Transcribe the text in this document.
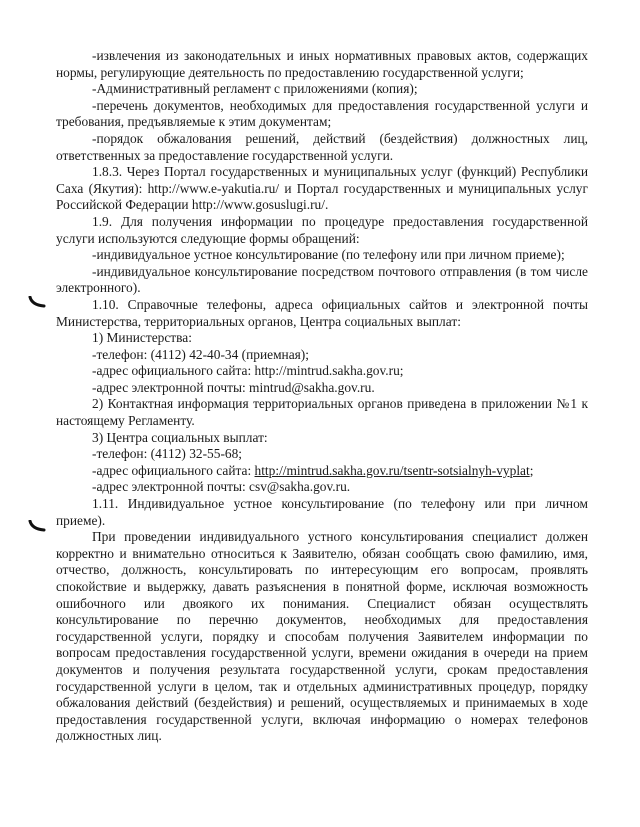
-извлечения из законодательных и иных нормативных правовых актов, содержащих нормы, регулирующие деятельность по предоставлению государственной услуги;

-Административный регламент с приложениями (копия);

-перечень документов, необходимых для предоставления государственной услуги и требования, предъявляемые к этим документам;

-порядок обжалования решений, действий (бездействия) должностных лиц, ответственных за предоставление государственной услуги.

1.8.3. Через Портал государственных и муниципальных услуг (функций) Республики Саха (Якутия): http://www.e-yakutia.ru/ и Портал государственных и муниципальных услуг Российской Федерации http://www.gosuslugi.ru/.

1.9. Для получения информации по процедуре предоставления государственной услуги используются следующие формы обращений:

-индивидуальное устное консультирование (по телефону или при личном приеме);

-индивидуальное консультирование посредством почтового отправления (в том числе электронного).

1.10. Справочные телефоны, адреса официальных сайтов и электронной почты Министерства, территориальных органов, Центра социальных выплат:

1) Министерства:

-телефон: (4112) 42-40-34 (приемная);

-адрес официального сайта: http://mintrud.sakha.gov.ru;

-адрес электронной почты: mintrud@sakha.gov.ru.

2) Контактная информация территориальных органов приведена в приложении №1 к настоящему Регламенту.

3) Центра социальных выплат:

-телефон: (4112) 32-55-68;

-адрес официального сайта: http://mintrud.sakha.gov.ru/tsentr-sotsialnyh-vyplat;

-адрес электронной почты: csv@sakha.gov.ru.

1.11. Индивидуальное устное консультирование (по телефону или при личном приеме).

При проведении индивидуального устного консультирования специалист должен корректно и внимательно относиться к Заявителю, обязан сообщать свою фамилию, имя, отчество, должность, консультировать по интересующим его вопросам, проявлять спокойствие и выдержку, давать разъяснения в понятной форме, исключая возможность ошибочного или двоякого их понимания. Специалист обязан осуществлять консультирование по перечню документов, необходимых для предоставления государственной услуги, порядку и способам получения Заявителем информации по вопросам предоставления государственной услуги, времени ожидания в очереди на прием документов и получения результата государственной услуги, срокам предоставления государственной услуги в целом, так и отдельных административных процедур, порядку обжалования действий (бездействия) и решений, осуществляемых и принимаемых в ходе предоставления государственной услуги, включая информацию о номерах телефонов должностных лиц.
